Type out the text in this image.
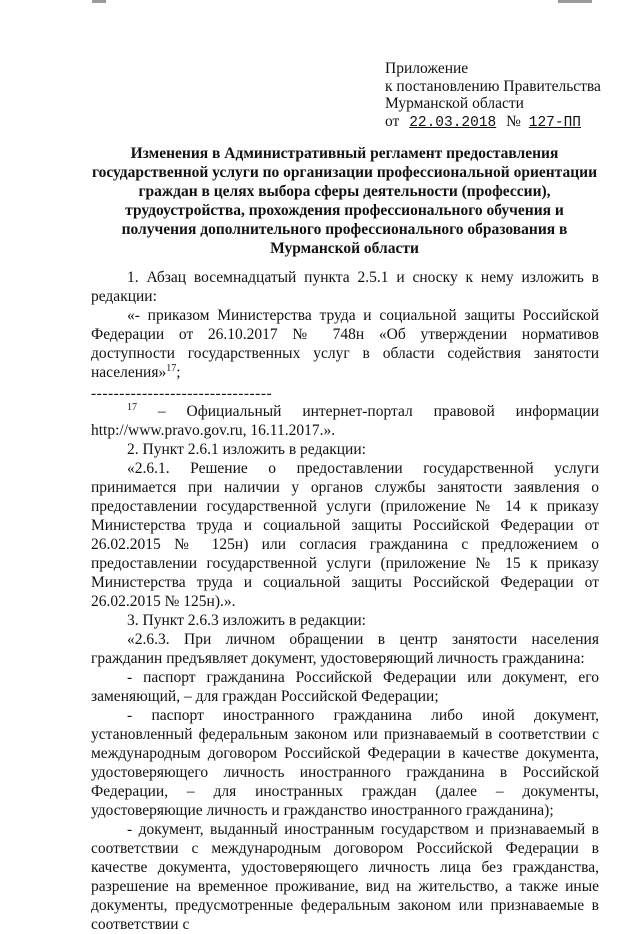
Приложение
к постановлению Правительства
Мурманской области
от 22.03.2018 № 127-ПП
Изменения в Административный регламент предоставления
государственной услуги по организации профессиональной ориентации
граждан в целях выбора сферы деятельности (профессии),
трудоустройства, прохождения профессионального обучения и
получения дополнительного профессионального образования в
Мурманской области

1. Абзац восемнадцатый пункта 2.5.1 и сноску к нему изложить в редакции:

«- приказом Министерства труда и социальной защиты Российской Федерации от 26.10.2017 № 748н «Об утверждении нормативов доступности государственных услуг в области содействия занятости населения»$^{17}$;

--------------------------------

$^{17}$ – Официальный интернет-портал правовой информации http://www.pravo.gov.ru, 16.11.2017.».

2. Пункт 2.6.1 изложить в редакции:

«2.6.1. Решение о предоставлении государственной услуги принимается при наличии у органов службы занятости заявления о предоставлении государственной услуги (приложение № 14 к приказу Министерства труда и социальной защиты Российской Федерации от 26.02.2015 № 125н) или согласия гражданина с предложением о предоставлении государственной услуги (приложение № 15 к приказу Министерства труда и социальной защиты Российской Федерации от 26.02.2015 № 125н).».

3. Пункт 2.6.3 изложить в редакции:

«2.6.3. При личном обращении в центр занятости населения гражданин предъявляет документ, удостоверяющий личность гражданина:

- паспорт гражданина Российской Федерации или документ, его заменяющий, – для граждан Российской Федерации;

- паспорт иностранного гражданина либо иной документ, установленный федеральным законом или признаваемый в соответствии с международным договором Российской Федерации в качестве документа, удостоверяющего личность иностранного гражданина в Российской Федерации, – для иностранных граждан (далее – документы, удостоверяющие личность и гражданство иностранного гражданина);

- документ, выданный иностранным государством и признаваемый в соответствии с международным договором Российской Федерации в качестве документа, удостоверяющего личность лица без гражданства, разрешение на временное проживание, вид на жительство, а также иные документы, предусмотренные федеральным законом или признаваемые в соответствии с
